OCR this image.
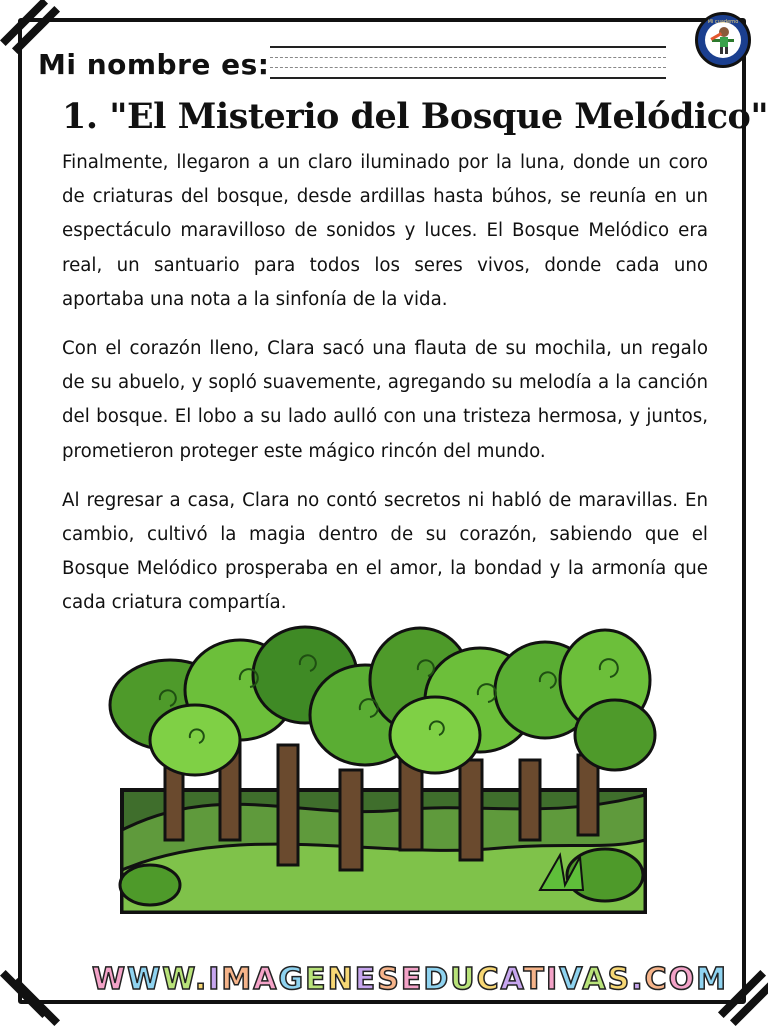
Mi nombre es:
Mi cuaderno
1. "El Misterio del Bosque Melódico"

Finalmente, llegaron a un claro iluminado por la luna, donde un coro de criaturas del bosque, desde ardillas hasta búhos, se reunía en un espectáculo maravilloso de sonidos y luces. El Bosque Melódico era real, un santuario para todos los seres vivos, donde cada uno aportaba una nota a la sinfonía de la vida.

Con el corazón lleno, Clara sacó una flauta de su mochila, un regalo de su abuelo, y sopló suavemente, agregando su melodía a la canción del bosque. El lobo a su lado aulló con una tristeza hermosa, y juntos, prometieron proteger este mágico rincón del mundo.

Al regresar a casa, Clara no contó secretos ni habló de maravillas. En cambio, cultivó la magia dentro de su corazón, sabiendo que el Bosque Melódico prosperaba en el amor, la bondad y la armonía que cada criatura compartía.

WWW.IMAGENESEDUCATIVAS.COM
